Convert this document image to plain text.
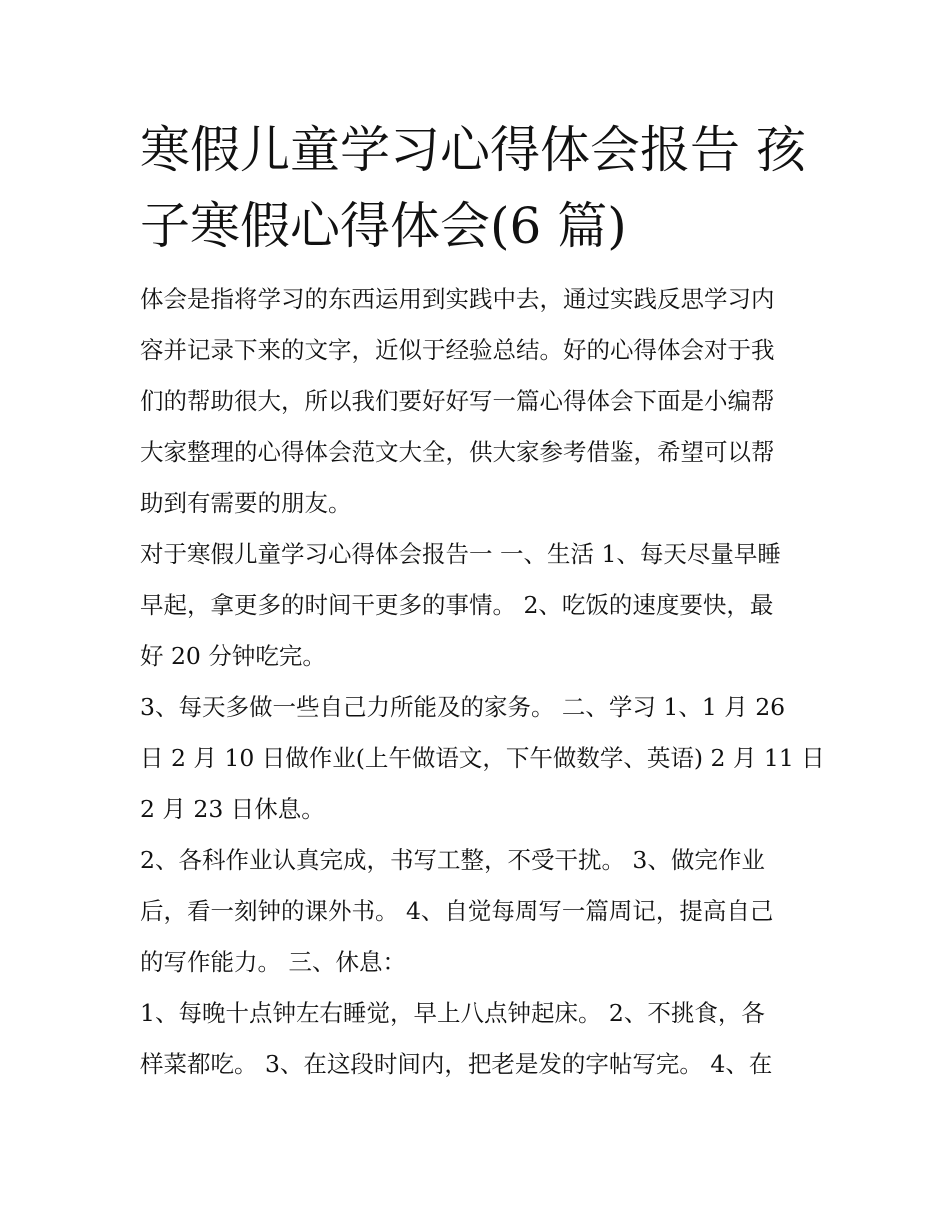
寒假儿童学习心得体会报告 孩
子寒假心得体会(6 篇)
体会是指将学习的东西运用到实践中去，通过实践反思学习内
容并记录下来的文字，近似于经验总结。好的心得体会对于我
们的帮助很大，所以我们要好好写一篇心得体会下面是小编帮
大家整理的心得体会范文大全，供大家参考借鉴，希望可以帮
助到有需要的朋友。
对于寒假儿童学习心得体会报告一 一、生活 1、每天尽量早睡
早起，拿更多的时间干更多的事情。 2、吃饭的速度要快，最
好 20 分钟吃完。
3、每天多做一些自己力所能及的家务。 二、学习 1、1 月 26
日 2 月 10 日做作业(上午做语文，下午做数学、英语) 2 月 11 日
2 月 23 日休息。
2、各科作业认真完成，书写工整，不受干扰。 3、做完作业
后，看一刻钟的课外书。 4、自觉每周写一篇周记，提高自己
的写作能力。 三、休息：
1、每晚十点钟左右睡觉，早上八点钟起床。 2、不挑食，各
样菜都吃。 3、在这段时间内，把老是发的字帖写完。 4、在
